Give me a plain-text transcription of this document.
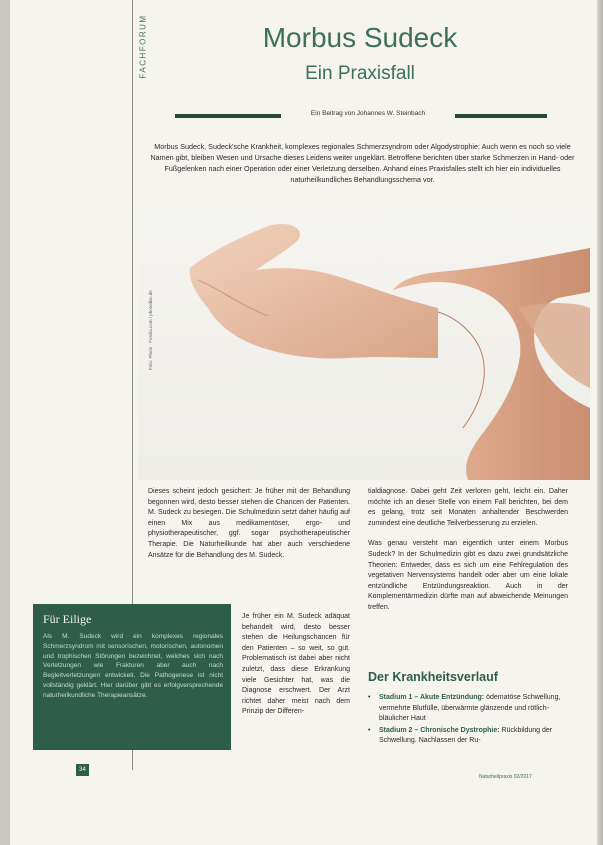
FACHFORUM	Morbus Sudeck
Ein Praxisfall
Ein Beitrag von Johannes W. Steinbach
Morbus Sudeck, Sudeck'sche Krankheit, komplexes regionales Schmerzsyndrom oder Algodystrophie: Auch wenn es noch so viele Namen gibt, bleiben Wesen und Ursache dieses Leidens weiter ungeklärt. Betroffene berichten über starke Schmerzen in Hand- oder Fußgelenken nach einer Operation oder einer Verletzung derselben. Anhand eines Praxisfalles stellt ich hier ein individuelles naturheilkundliches Behandlungsschema vor.
Foto: Photo · Fotolia.com / photodisc.de

Dieses scheint jedoch gesichert: Je früher mit der Behandlung begonnen wird, desto besser stehen die Chancen der Patienten. M. Sudeck zu besiegen. Die Schulmedizin setzt daher häufig auf einen Mix aus medikamentöser, ergo- und physiotherapeutischer, ggf. sogar psychotherapeutischer Therapie. Die Naturheilkunde hat aber auch verschiedene Ansätze für die Behandlung des M. Sudeck.

Je früher ein M. Sudeck adäquat behandelt wird, desto besser stehen die Heilungschancen für den Patienten – so weit, so gut. Problematisch ist dabei aber nicht zuletzt, dass diese Erkrankung viele Gesichter hat, was die Diagnose erschwert. Der Arzt richtet daher meist nach dem Prinzip der Differen-

tialdiagnose. Dabei geht Zeit verloren geht, leicht ein. Daher möchte ich an dieser Stelle von einem Fall berichten, bei dem es gelang, trotz seit Monaten anhaltender Beschwerden zumindest eine deutliche Teilverbesserung zu erzielen.

Was genau versteht man eigentlich unter einem Morbus Sudeck? In der Schulmedizin gibt es dazu zwei grundsätzliche Theorien: Entweder, dass es sich um eine Fehlregulation des vegetativen Nervensystems handelt oder aber um eine lokale entzündliche Entzündungsreaktion. Auch in der Komplementärmedizin dürfte man auf abweichende Meinungen treffen.

Der Krankheitsverlauf
•	Stadium 1 – Akute Entzündung: ödematöse Schwellung, vermehrte Blutfülle, überwärmte glänzende und rötlich-bläulicher Haut
•	Stadium 2 – Chronische Dystrophie: Rückbildung der Schwellung. Nachlassen der Ru-
Für Eilige
Als M. Sudeck wird ein komplexes regionales Schmerzsyndrom mit sensorischen, motorischen, autonomen und trophischen Störungen bezeichnet, welches sich nach Verletzungen wie Frakturen aber auch nach Begleitverletzungen entwickelt. Die Pathogenese ist nicht vollständig geklärt. Hier darüber gibt es erfolgversprechende naturheilkundliche Therapieansätze.
34
Naturheilpraxis 02/2017
